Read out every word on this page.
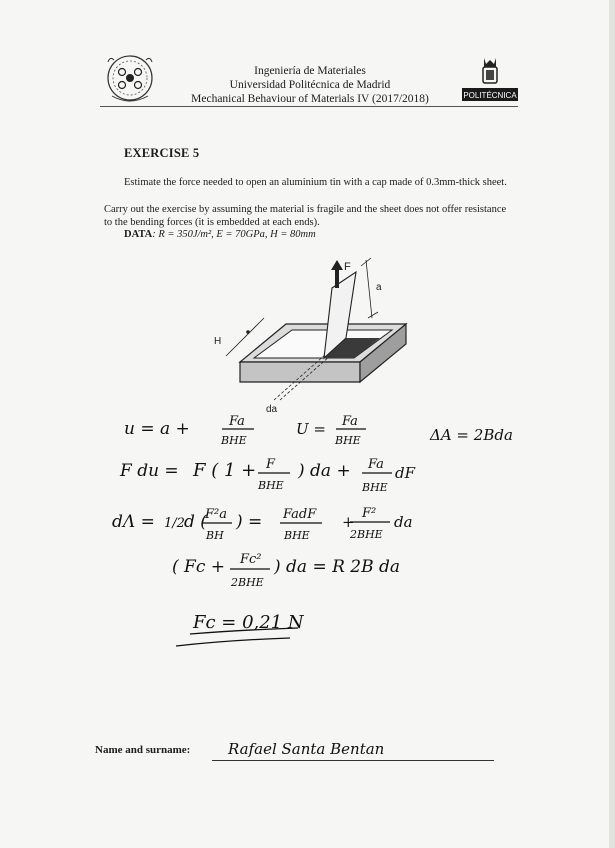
Ingeniería de Materiales
Universidad Politécnica de Madrid
Mechanical Behaviour of Materials IV (2017/2018)	POLITÉCNICA
EXERCISE 5

Estimate the force needed to open an aluminium tin with a cap made of 0.3mm-thick sheet.

Carry out the exercise by assuming the material is fragile and the sheet does not offer resistance to the bending forces (it is embedded at each ends).

DATA: R = 350J/m², E = 70GPa, H = 80mm
F
a
H
da
u = a +	Fa
BHE
U = Fa
BHE	ΔA = 2Bda
F du = F ( 1 + F
BHE
) da + Fa
BHE
dF
dΛ = 1/2 d (
F²a
BH
) = FadF
BHE
+ F²
2BHE
da
( Fc + Fc²
2BHE
) da = R 2B da
Fc = 0,21 N
Name and surname:	Rafael Santa Bentan
